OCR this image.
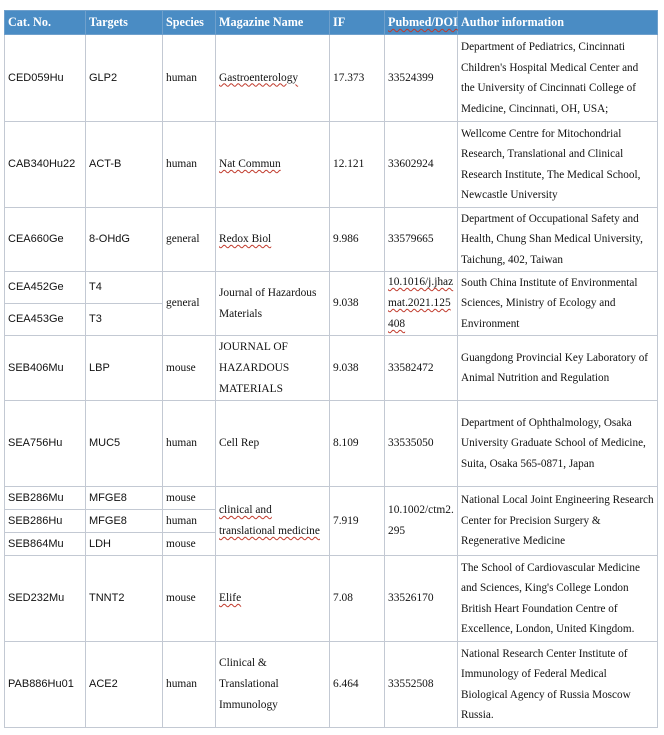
Cat. No.	Targets	Species	Magazine Name	IF	Pubmed/DOI	Author information
CED059Hu	GLP2	human	Gastroenterology	17.373	33524399	Department of Pediatrics, Cincinnati Children's Hospital Medical Center and the University of Cincinnati College of Medicine, Cincinnati, OH, USA;
CAB340Hu22	ACT-B	human	Nat Commun	12.121	33602924	Wellcome Centre for Mitochondrial Research, Translational and Clinical Research Institute, The Medical School, Newcastle University
CEA660Ge	8-OHdG	general	Redox Biol	9.986	33579665	Department of Occupational Safety and Health, Chung Shan Medical University, Taichung, 402, Taiwan
CEA452Ge	T4	general	Journal of Hazardous Materials	9.038	10.1016/j.jhazmat.2021.125408	South China Institute of Environmental Sciences, Ministry of Ecology and Environment
CEA453Ge	T3					
SEB406Mu	LBP	mouse	JOURNAL OF HAZARDOUS MATERIALS	9.038	33582472	Guangdong Provincial Key Laboratory of Animal Nutrition and Regulation
SEA756Hu	MUC5	human	Cell Rep	8.109	33535050	Department of Ophthalmology, Osaka University Graduate School of Medicine, Suita, Osaka 565-0871, Japan
SEB286Mu	MFGE8	mouse	clinical and translational medicine	7.919	10.1002/ctm2.295	National Local Joint Engineering Research Center for Precision Surgery & Regenerative Medicine
SEB286Hu	MFGE8	human				
SEB864Mu	LDH	mouse				
SED232Mu	TNNT2	mouse	Elife	7.08	33526170	The School of Cardiovascular Medicine and Sciences, King's College London British Heart Foundation Centre of Excellence, London, United Kingdom.
PAB886Hu01	ACE2	human	Clinical & Translational Immunology	6.464	33552508	National Research Center Institute of Immunology of Federal Medical Biological Agency of Russia Moscow Russia.
